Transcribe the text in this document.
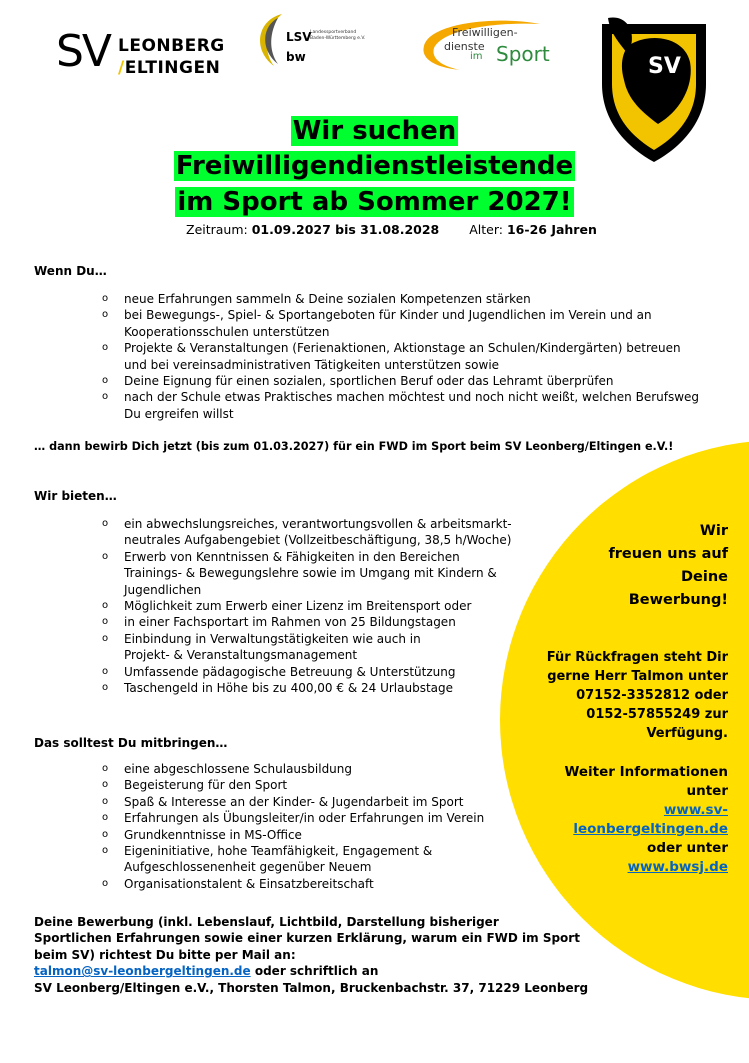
SV LEONBERG
/ELTINGEN
LSV
Landessportverband Baden-Württemberg e.V.
bw
Freiwilligen-
dienste
im Sport	SV
Wir suchen
Freiwilligendienstleistende
im Sport ab Sommer 2027!
Zeitraum: 01.09.2027 bis 31.08.2028 Alter: 16-26 Jahren
Wenn Du…
o neue Erfahrungen sammeln & Deine sozialen Kompetenzen stärken
o bei Bewegungs-, Spiel- & Sportangeboten für Kinder und Jugendlichen im Verein und an Kooperationsschulen unterstützen
o Projekte & Veranstaltungen (Ferienaktionen, Aktionstage an Schulen/Kindergärten) betreuen und bei vereinsadministrativen Tätigkeiten unterstützen sowie
o Deine Eignung für einen sozialen, sportlichen Beruf oder das Lehramt überprüfen
o nach der Schule etwas Praktisches machen möchtest und noch nicht weißt, welchen Berufsweg Du ergreifen willst
… dann bewirb Dich jetzt (bis zum 01.03.2027) für ein FWD im Sport beim SV Leonberg/Eltingen e.V.!
Wir bieten…
o ein abwechslungsreiches, verantwortungsvollen & arbeitsmarkt-neutrales Aufgabengebiet (Vollzeitbeschäftigung, 38,5 h/Woche)
o Erwerb von Kenntnissen & Fähigkeiten in den Bereichen Trainings- & Bewegungslehre sowie im Umgang mit Kindern & Jugendlichen
o Möglichkeit zum Erwerb einer Lizenz im Breitensport oder
o in einer Fachsportart im Rahmen von 25 Bildungstagen
o Einbindung in Verwaltungstätigkeiten wie auch in Projekt- & Veranstaltungsmanagement
o Umfassende pädagogische Betreuung & Unterstützung
o Taschengeld in Höhe bis zu 400,00 € & 24 Urlaubstage
Das solltest Du mitbringen…
o eine abgeschlossene Schulausbildung
o Begeisterung für den Sport
o Spaß & Interesse an der Kinder- & Jugendarbeit im Sport
o Erfahrungen als Übungsleiter/in oder Erfahrungen im Verein
o Grundkenntnisse in MS-Office
o Eigeninitiative, hohe Teamfähigkeit, Engagement & Aufgeschlossenenheit gegenüber Neuem
o Organisationstalent & Einsatzbereitschaft
Wir
freuen uns auf
Deine
Bewerbung!
Für Rückfragen steht Dir
gerne Herr Talmon unter
07152-3352812 oder
0152-57855249 zur
Verfügung.
Weiter Informationen
unter
www.sv-
leonbergeltingen.de
oder unter
www.bwsj.de
Deine Bewerbung (inkl. Lebenslauf, Lichtbild, Darstellung bisheriger
Sportlichen Erfahrungen sowie einer kurzen Erklärung, warum ein FWD im Sport
beim SV) richtest Du bitte per Mail an:
talmon@sv-leonbergeltingen.de oder schriftlich an
SV Leonberg/Eltingen e.V., Thorsten Talmon, Bruckenbachstr. 37, 71229 Leonberg
